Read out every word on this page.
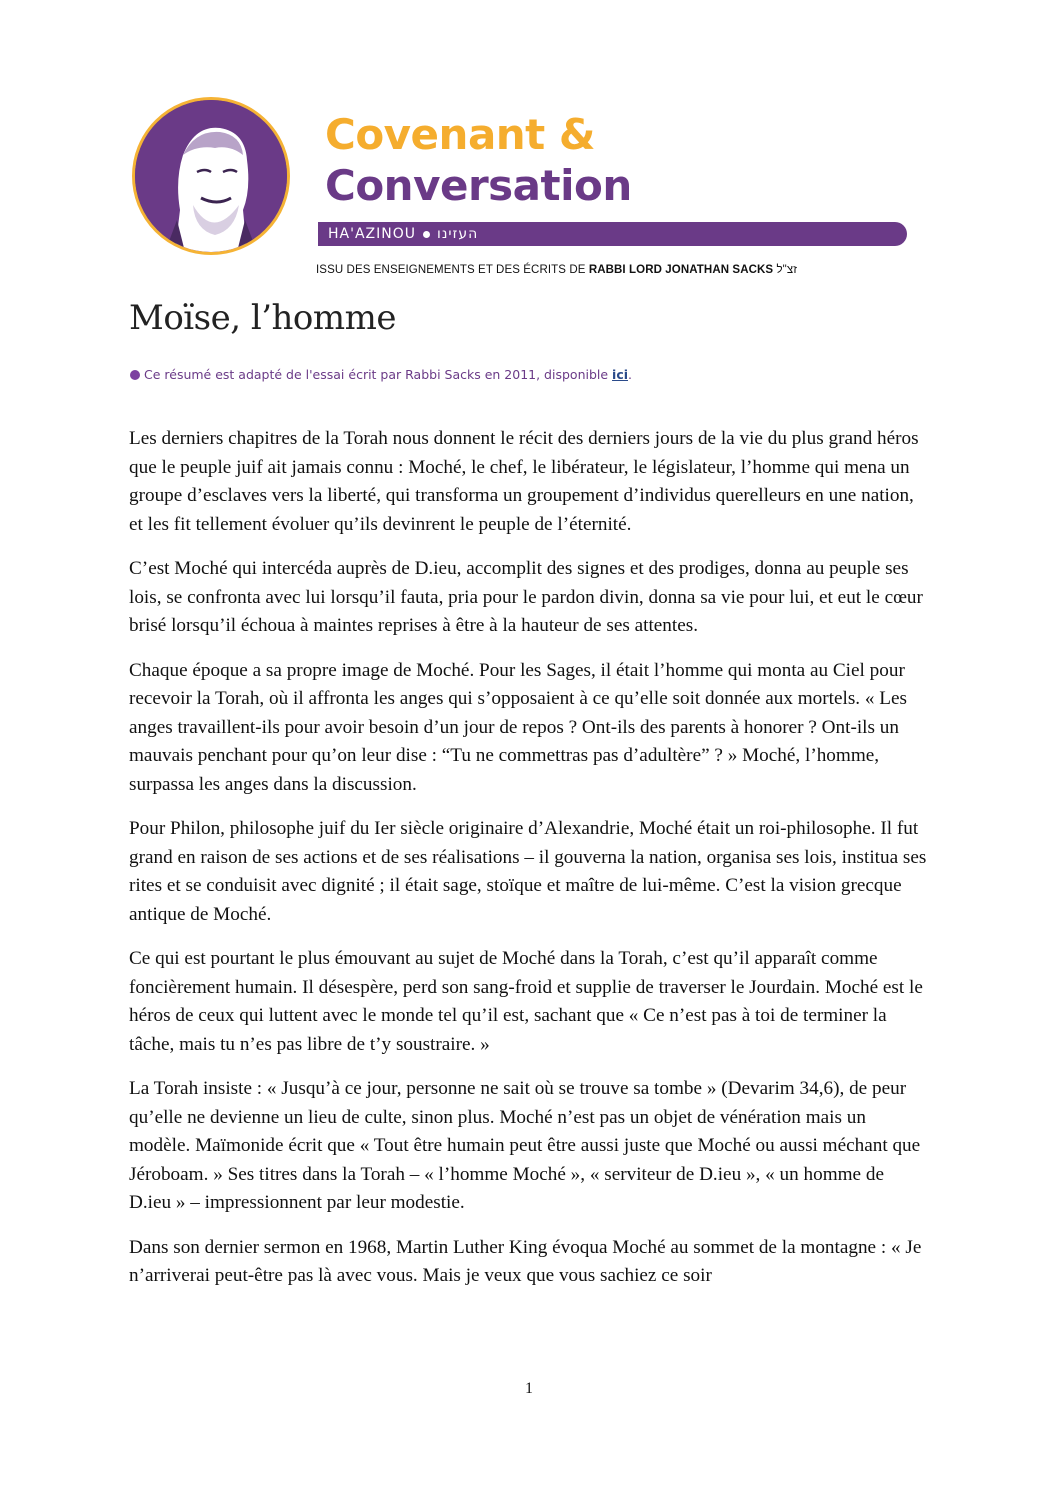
Covenant &
Conversation
HA'AZINOU העזינו
ISSU DES ENSEIGNEMENTS ET DES ÉCRITS DE RABBI LORD JONATHAN SACKS זצ"ל
Moïse, l’homme
Ce résumé est adapté de l'essai écrit par Rabbi Sacks en 2011, disponible ici.

Les derniers chapitres de la Torah nous donnent le récit des derniers jours de la vie du plus grand héros que le peuple juif ait jamais connu : Moché, le chef, le libérateur, le législateur, l’homme qui mena un groupe d’esclaves vers la liberté, qui transforma un groupement d’individus querelleurs en une nation, et les fit tellement évoluer qu’ils devinrent le peuple de l’éternité.

C’est Moché qui intercéda auprès de D.ieu, accomplit des signes et des prodiges, donna au peuple ses lois, se confronta avec lui lorsqu’il fauta, pria pour le pardon divin, donna sa vie pour lui, et eut le cœur brisé lorsqu’il échoua à maintes reprises à être à la hauteur de ses attentes.

Chaque époque a sa propre image de Moché. Pour les Sages, il était l’homme qui monta au Ciel pour recevoir la Torah, où il affronta les anges qui s’opposaient à ce qu’elle soit donnée aux mortels. « Les anges travaillent-ils pour avoir besoin d’un jour de repos ? Ont-ils des parents à honorer ? Ont-ils un mauvais penchant pour qu’on leur dise : “Tu ne commettras pas d’adultère” ? » Moché, l’homme, surpassa les anges dans la discussion.

Pour Philon, philosophe juif du Ier siècle originaire d’Alexandrie, Moché était un roi-philosophe. Il fut grand en raison de ses actions et de ses réalisations – il gouverna la nation, organisa ses lois, institua ses rites et se conduisit avec dignité ; il était sage, stoïque et maître de lui-même. C’est la vision grecque antique de Moché.

Ce qui est pourtant le plus émouvant au sujet de Moché dans la Torah, c’est qu’il apparaît comme foncièrement humain. Il désespère, perd son sang-froid et supplie de traverser le Jourdain. Moché est le héros de ceux qui luttent avec le monde tel qu’il est, sachant que « Ce n’est pas à toi de terminer la tâche, mais tu n’es pas libre de t’y soustraire. »

La Torah insiste : « Jusqu’à ce jour, personne ne sait où se trouve sa tombe » (Devarim 34,6), de peur qu’elle ne devienne un lieu de culte, sinon plus. Moché n’est pas un objet de vénération mais un modèle. Maïmonide écrit que « Tout être humain peut être aussi juste que Moché ou aussi méchant que Jéroboam. » Ses titres dans la Torah – « l’homme Moché », « serviteur de D.ieu », « un homme de D.ieu » – impressionnent par leur modestie.

Dans son dernier sermon en 1968, Martin Luther King évoqua Moché au sommet de la montagne : « Je n’arriverai peut-être pas là avec vous. Mais je veux que vous sachiez ce soir

1
